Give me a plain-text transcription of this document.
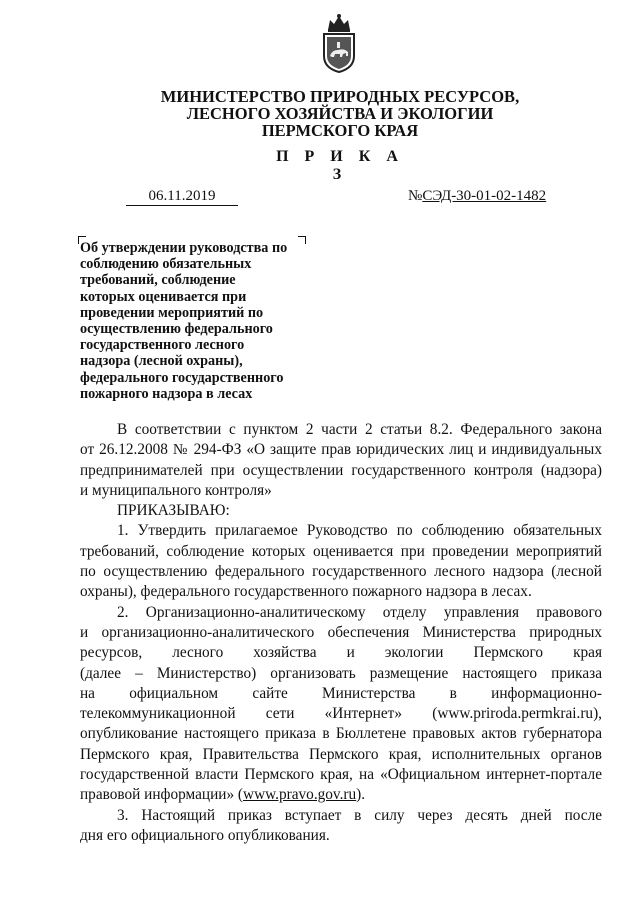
МИНИСТЕРСТВО ПРИРОДНЫХ РЕСУРСОВ,
ЛЕСНОГО ХОЗЯЙСТВА И ЭКОЛОГИИ
ПЕРМСКОГО КРАЯ
П Р И К А З
06.11.2019	№СЭД-30-01-02-1482
Об утверждении руководства по
соблюдению обязательных
требований, соблюдение
которых оценивается при
проведении мероприятий по
осуществлению федерального
государственного лесного
надзора (лесной охраны),
федерального государственного
пожарного надзора в лесах
В соответствии с пунктом 2 части 2 статьи 8.2. Федерального закона
от 26.12.2008 № 294-ФЗ «О защите прав юридических лиц и индивидуальных
предпринимателей при осуществлении государственного контроля (надзора)
и муниципального контроля»
ПРИКАЗЫВАЮ:
1. Утвердить прилагаемое Руководство по соблюдению обязательных
требований, соблюдение которых оценивается при проведении мероприятий
по осуществлению федерального государственного лесного надзора (лесной
охраны), федерального государственного пожарного надзора в лесах.
2. Организационно-аналитическому отделу управления правового
и организационно-аналитического обеспечения Министерства природных
ресурсов, лесного хозяйства и экологии Пермского края
(далее – Министерство) организовать размещение настоящего приказа
на официальном сайте Министерства в информационно-
телекоммуникационной сети «Интернет» (www.priroda.permkrai.ru),
опубликование настоящего приказа в Бюллетене правовых актов губернатора
Пермского края, Правительства Пермского края, исполнительных органов
государственной власти Пермского края, на «Официальном интернет-портале
правовой информации» (www.pravo.gov.ru).
3. Настоящий приказ вступает в силу через десять дней после
дня его официального опубликования.
